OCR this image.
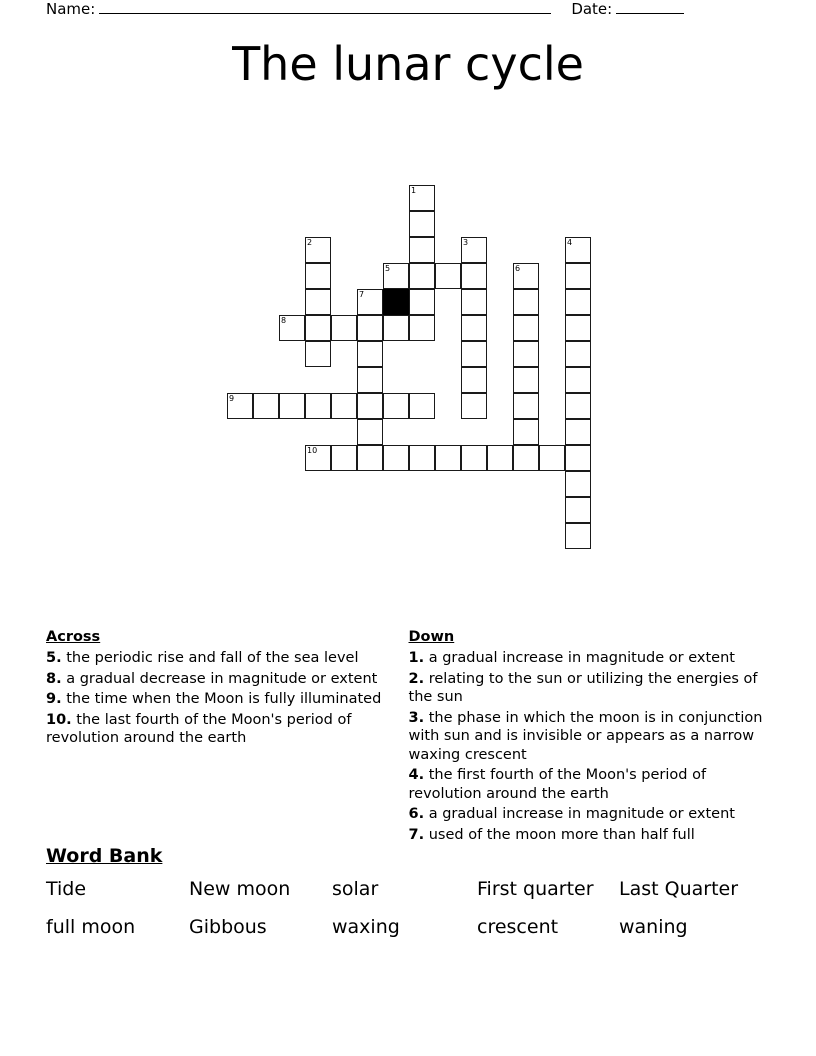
Name:	Date:
The lunar cycle
1
2	3	4
5	6
7
8
9
10
Across
5. the periodic rise and fall of the sea level
8. a gradual decrease in magnitude or extent
9. the time when the Moon is fully illuminated
10. the last fourth of the Moon's period of revolution around the earth
Down
1. a gradual increase in magnitude or extent
2. relating to the sun or utilizing the energies of the sun
3. the phase in which the moon is in conjunction with sun and is invisible or appears as a narrow waxing crescent
4. the first fourth of the Moon's period of revolution around the earth
6. a gradual increase in magnitude or extent
7. used of the moon more than half full
Word Bank
Tide	New moon	solar	First quarter	Last Quarter
full moon	Gibbous	waxing	crescent	waning
